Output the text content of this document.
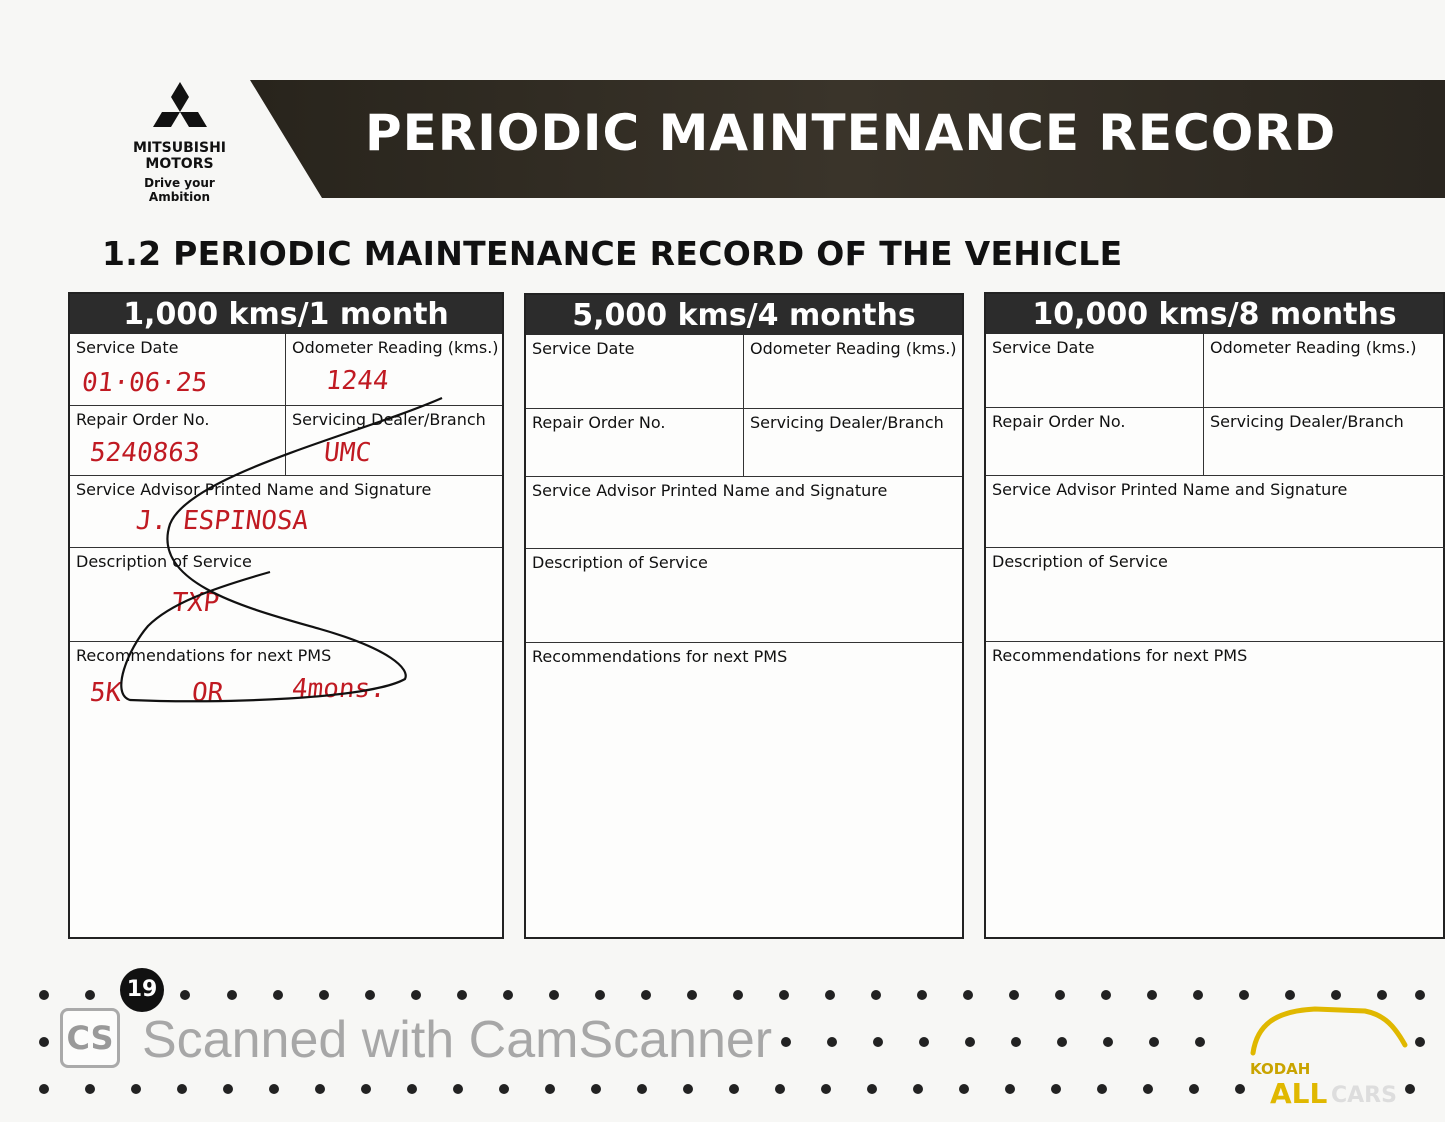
MITSUBISHI
MOTORS
Drive your Ambition
PERIODIC MAINTENANCE RECORD
1.2 PERIODIC MAINTENANCE RECORD OF THE VEHICLE
1,000 kms/1 month
Service Date
01·06·25
Odometer Reading (kms.)
1244
Repair Order No.
5240863
Servicing Dealer/Branch
UMC
Service Advisor Printed Name and Signature
J. ESPINOSA
Description of Service
TXP
Recommendations for next PMS
5K	OR	4mons.
5,000 kms/4 months
Service Date	Odometer Reading (kms.)
Repair Order No.	Servicing Dealer/Branch
Service Advisor Printed Name and Signature
Description of Service
Recommendations for next PMS
10,000 kms/8 months
Service Date	Odometer Reading (kms.)
Repair Order No.	Servicing Dealer/Branch
Service Advisor Printed Name and Signature
Description of Service
Recommendations for next PMS
19
CS Scanned with CamScanner	KODAH
ALL CARS
